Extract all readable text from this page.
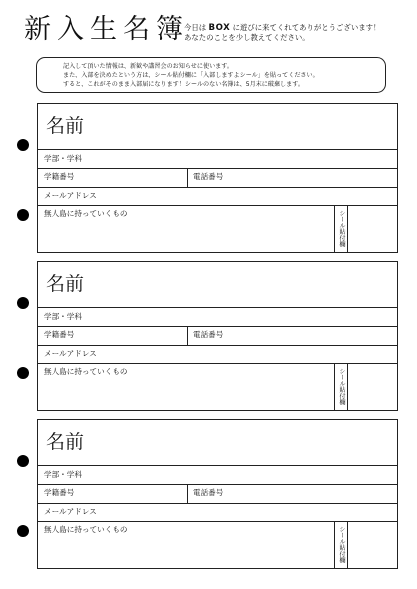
新入生名簿
今日は BOX に遊びに来てくれてありがとうございます！
あなたのことを少し教えてください。
記入して頂いた情報は、新歓や講習会のお知らせに使います。
また、入部を決めたという方は、シール貼付欄に「入部しますよシール」を貼ってください。
すると、これがそのまま入部届になります！シールのない名簿は、5月末に破棄します。
名前
学部・学科
学籍番号	電話番号
メールアドレス
無人島に持っていくもの	シール貼付欄
名前
学部・学科
学籍番号	電話番号
メールアドレス
無人島に持っていくもの	シール貼付欄
名前
学部・学科
学籍番号	電話番号
メールアドレス
無人島に持っていくもの	シール貼付欄
